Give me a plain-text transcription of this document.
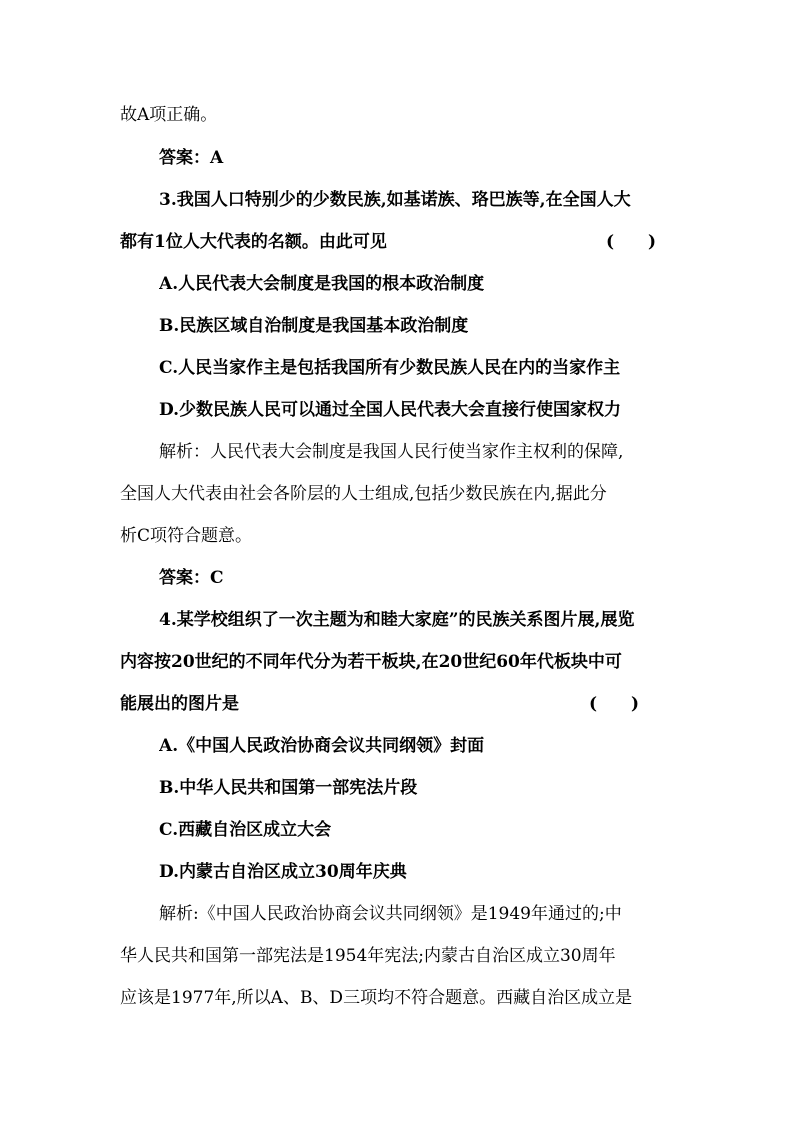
故A项正确。
答案：A
3.我国人口特别少的少数民族,如基诺族、珞巴族等,在全国人大
都有1位人大代表的名额。由此可见	(　　)
A.人民代表大会制度是我国的根本政治制度
B.民族区域自治制度是我国基本政治制度
C.人民当家作主是包括我国所有少数民族人民在内的当家作主
D.少数民族人民可以通过全国人民代表大会直接行使国家权力
解析：人民代表大会制度是我国人民行使当家作主权利的保障,
全国人大代表由社会各阶层的人士组成,包括少数民族在内,据此分
析C项符合题意。
答案：C
4.某学校组织了一次主题为和睦大家庭”的民族关系图片展,展览
内容按20世纪的不同年代分为若干板块,在20世纪60年代板块中可
能展出的图片是	(　　)
A.《中国人民政治协商会议共同纲领》封面
B.中华人民共和国第一部宪法片段
C.西藏自治区成立大会
D.内蒙古自治区成立30周年庆典
解析:《中国人民政治协商会议共同纲领》是1949年通过的;中
华人民共和国第一部宪法是1954年宪法;内蒙古自治区成立30周年
应该是1977年,所以A、B、D三项均不符合题意。西藏自治区成立是
